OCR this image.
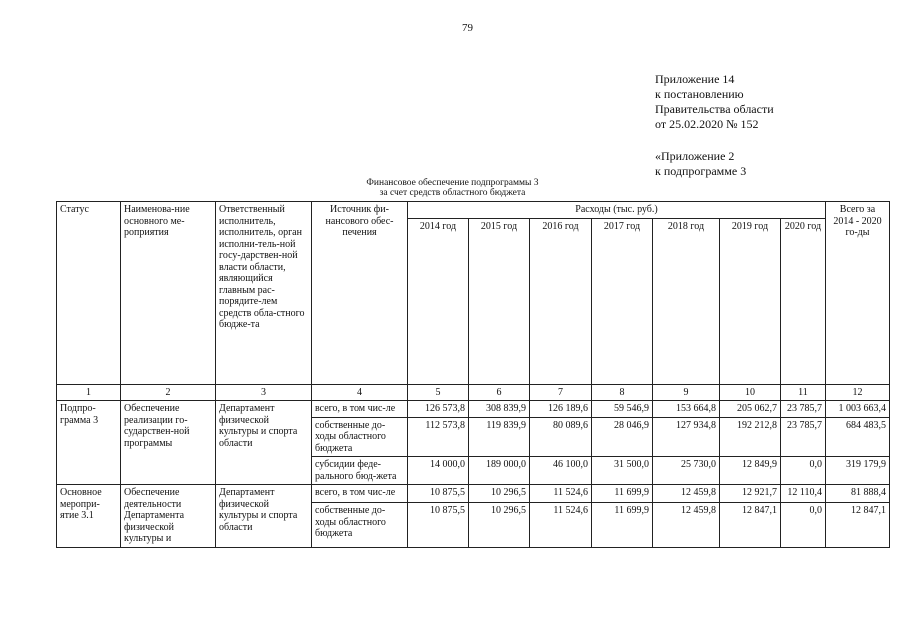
79
Приложение 14
к постановлению
Правительства области
от 25.02.2020 № 152
«Приложение 2
к подпрограмме 3
Финансовое обеспечение подпрограммы 3
за счет средств областного бюджета
Статус	Наименова-ние основного ме-роприятия	Ответственный исполнитель, исполнитель, орган исполни-тель-ной госу-дарствен-ной власти области, являющийся главным рас-порядите-лем средств обла-стного бюдже-та	Источник фи-нансового обес-печения	Расходы (тыс. руб.)							Всего за 2014 - 2020 го-ды
				2014 год	2015 год	2016 год	2017 год	2018 год	2019 год	2020 год	
1	2	3	4	5	6	7	8	9	10	11	12
Подпро-грамма 3	Обеспечение реализации го-сударствен-ной программы	Департамент физической культуры и спорта области	всего, в том чис-ле	126 573,8	308 839,9	126 189,6	59 546,9	153 664,8	205 062,7	23 785,7	1 003 663,4
			собственные до-ходы областного бюджета	112 573,8	119 839,9	80 089,6	28 046,9	127 934,8	192 212,8	23 785,7	684 483,5
			субсидии феде-рального бюд-жета	14 000,0	189 000,0	46 100,0	31 500,0	25 730,0	12 849,9	0,0	319 179,9
Основное меропри-ятие 3.1	Обеспечение деятельности Департамента физической культуры и	Департамент физической культуры и спорта области	всего, в том чис-ле	10 875,5	10 296,5	11 524,6	11 699,9	12 459,8	12 921,7	12 110,4	81 888,4
			собственные до-ходы областного бюджета	10 875,5	10 296,5	11 524,6	11 699,9	12 459,8	12 847,1	0,0	12 847,1
